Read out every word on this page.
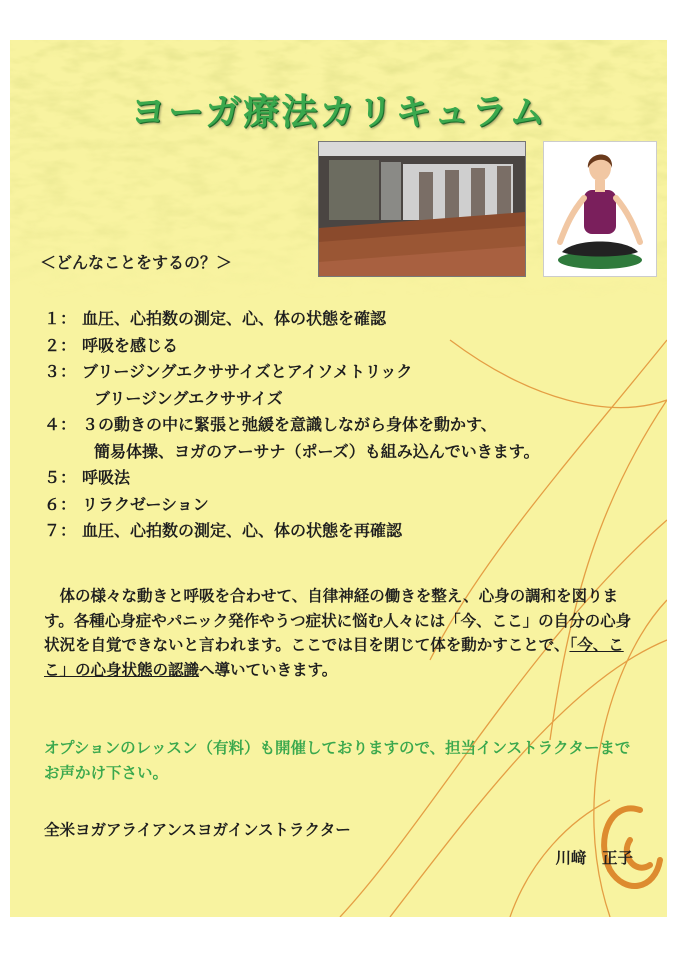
ヨーガ療法カリキュラム
＜どんなことをするの？＞
１： 血圧、心拍数の測定、心、体の状態を確認
２： 呼吸を感じる
３： ブリージングエクササイズとアイソメトリック
ブリージングエクササイズ
４： ３の動きの中に緊張と弛緩を意識しながら身体を動かす、
簡易体操、ヨガのアーサナ（ポーズ）も組み込んでいきます。
５： 呼吸法
６： リラクゼーション
７： 血圧、心拍数の測定、心、体の状態を再確認
　体の様々な動きと呼吸を合わせて、自律神経の働きを整え、心身の調和を図ります。各種心身症やパニック発作やうつ症状に悩む人々には「今、ここ」の自分の心身状況を自覚できないと言われます。ここでは目を閉じて体を動かすことで、「今、ここ」の心身状態の認識へ導いていきます。
オプションのレッスン（有料）も開催しておりますので、担当インストラクターまでお声かけ下さい。
全米ヨガアライアンスヨガインストラクター
川﨑　正子
